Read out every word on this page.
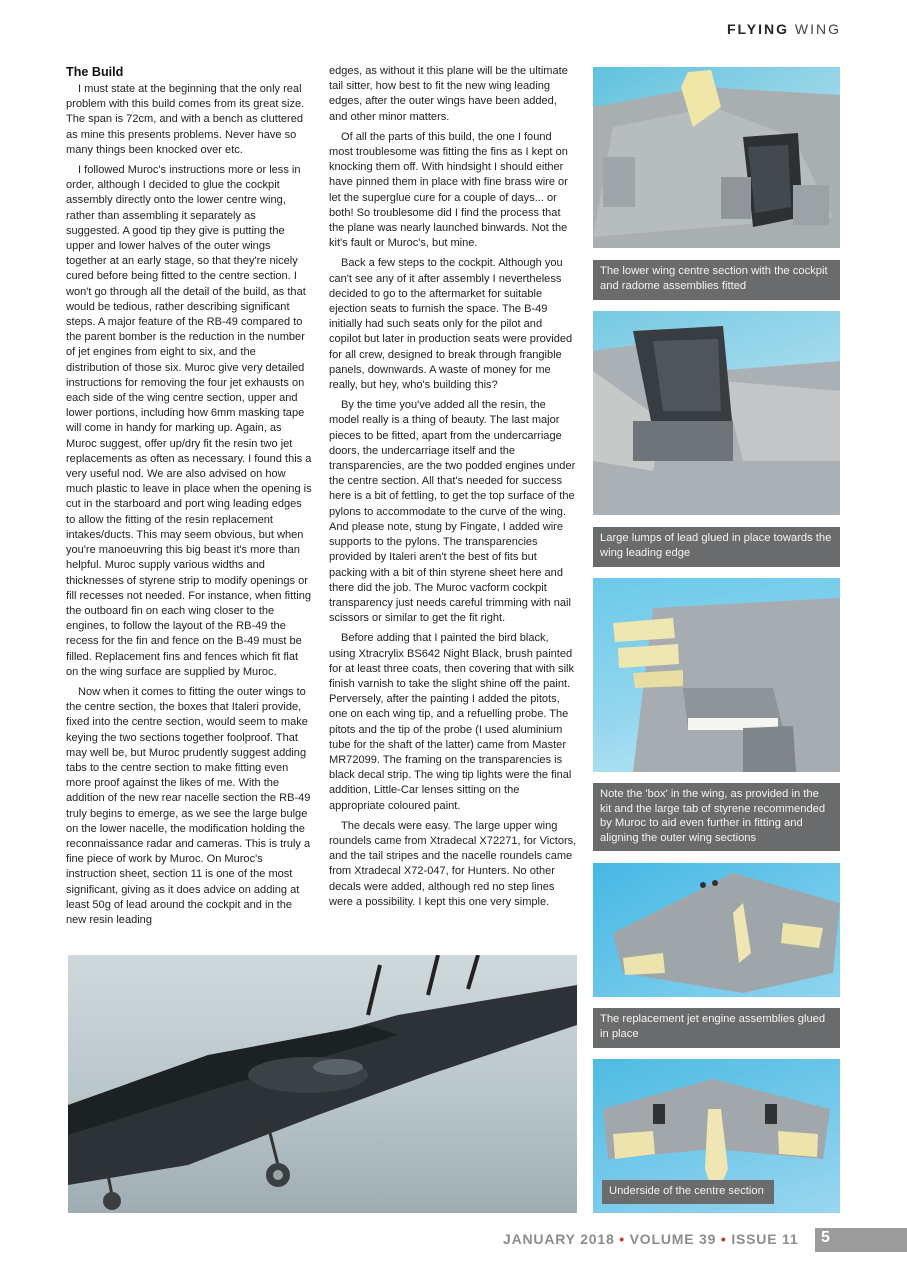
FLYING WING
The Build

I must state at the beginning that the only real problem with this build comes from its great size. The span is 72cm, and with a bench as cluttered as mine this presents problems. Never have so many things been knocked over etc.

I followed Muroc's instructions more or less in order, although I decided to glue the cockpit assembly directly onto the lower centre wing, rather than assembling it separately as suggested. A good tip they give is putting the upper and lower halves of the outer wings together at an early stage, so that they're nicely cured before being fitted to the centre section. I won't go through all the detail of the build, as that would be tedious, rather describing significant steps. A major feature of the RB-49 compared to the parent bomber is the reduction in the number of jet engines from eight to six, and the distribution of those six. Muroc give very detailed instructions for removing the four jet exhausts on each side of the wing centre section, upper and lower portions, including how 6mm masking tape will come in handy for marking up. Again, as Muroc suggest, offer up/dry fit the resin two jet replacements as often as necessary. I found this a very useful nod. We are also advised on how much plastic to leave in place when the opening is cut in the starboard and port wing leading edges to allow the fitting of the resin replacement intakes/ducts. This may seem obvious, but when you're manoeuvring this big beast it's more than helpful. Muroc supply various widths and thicknesses of styrene strip to modify openings or fill recesses not needed. For instance, when fitting the outboard fin on each wing closer to the engines, to follow the layout of the RB-49 the recess for the fin and fence on the B-49 must be filled. Replacement fins and fences which fit flat on the wing surface are supplied by Muroc.

Now when it comes to fitting the outer wings to the centre section, the boxes that Italeri provide, fixed into the centre section, would seem to make keying the two sections together foolproof. That may well be, but Muroc prudently suggest adding tabs to the centre section to make fitting even more proof against the likes of me. With the addition of the new rear nacelle section the RB-49 truly begins to emerge, as we see the large bulge on the lower nacelle, the modification holding the reconnaissance radar and cameras. This is truly a fine piece of work by Muroc. On Muroc's instruction sheet, section 11 is one of the most significant, giving as it does advice on adding at least 50g of lead around the cockpit and in the new resin leading

edges, as without it this plane will be the ultimate tail sitter, how best to fit the new wing leading edges, after the outer wings have been added, and other minor matters.

Of all the parts of this build, the one I found most troublesome was fitting the fins as I kept on knocking them off. With hindsight I should either have pinned them in place with fine brass wire or let the superglue cure for a couple of days... or both! So troublesome did I find the process that the plane was nearly launched binwards. Not the kit's fault or Muroc's, but mine.

Back a few steps to the cockpit. Although you can't see any of it after assembly I nevertheless decided to go to the aftermarket for suitable ejection seats to furnish the space. The B-49 initially had such seats only for the pilot and copilot but later in production seats were provided for all crew, designed to break through frangible panels, downwards. A waste of money for me really, but hey, who's building this?

By the time you've added all the resin, the model really is a thing of beauty. The last major pieces to be fitted, apart from the undercarriage doors, the undercarriage itself and the transparencies, are the two podded engines under the centre section. All that's needed for success here is a bit of fettling, to get the top surface of the pylons to accommodate to the curve of the wing. And please note, stung by Fingate, I added wire supports to the pylons. The transparencies provided by Italeri aren't the best of fits but packing with a bit of thin styrene sheet here and there did the job. The Muroc vacform cockpit transparency just needs careful trimming with nail scissors or similar to get the fit right.

Before adding that I painted the bird black, using Xtracrylix BS642 Night Black, brush painted for at least three coats, then covering that with silk finish varnish to take the slight shine off the paint. Perversely, after the painting I added the pitots, one on each wing tip, and a refuelling probe. The pitots and the tip of the probe (I used aluminium tube for the shaft of the latter) came from Master MR72099. The framing on the transparencies is black decal strip. The wing tip lights were the final addition, Little-Car lenses sitting on the appropriate coloured paint.

The decals were easy. The large upper wing roundels came from Xtradecal X72271, for Victors, and the tail stripes and the nacelle roundels came from Xtradecal X72-047, for Hunters. No other decals were added, although red no step lines were a possibility. I kept this one very simple.

The lower wing centre section with the cockpit and radome assemblies fitted
Large lumps of lead glued in place towards the wing leading edge
Note the 'box' in the wing, as provided in the kit and the large tab of styrene recommended by Muroc to aid even further in fitting and aligning the outer wing sections
The replacement jet engine assemblies glued in place
Underside of the centre section
JANUARY 2018 • VOLUME 39 • ISSUE 11 5
